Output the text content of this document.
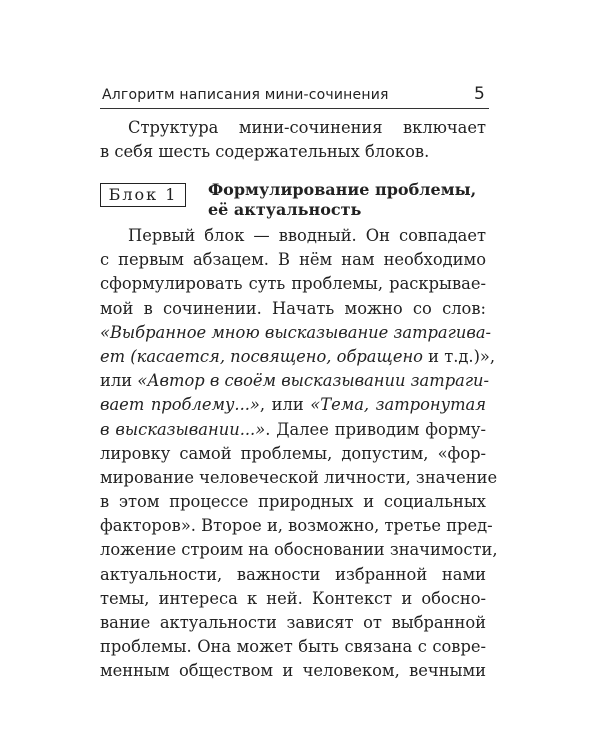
Алгоритм написания мини-сочинения	5
Структура мини-сочинения включает
в себя шесть содержательных блоков.
Блок 1	Формулирование проблемы,
её актуальность
Первый блок — вводный. Он совпадает
с первым абзацем. В нём нам необходимо
сформулировать суть проблемы, раскрывае-
мой в сочинении. Начать можно со слов:
«Выбранное мною высказывание затрагива-
ет (касается, посвящено, обращено и т.д.)»,
или «Автор в своём высказывании затраги-
вает проблему...», или «Тема, затронутая
в высказывании...». Далее приводим форму-
лировку самой проблемы, допустим, «фор-
мирование человеческой личности, значение
в этом процессе природных и социальных
факторов». Второе и, возможно, третье пред-
ложение строим на обосновании значимости,
актуальности, важности избранной нами
темы, интереса к ней. Контекст и обосно-
вание актуальности зависят от выбранной
проблемы. Она может быть связана с совре-
менным обществом и человеком, вечными
